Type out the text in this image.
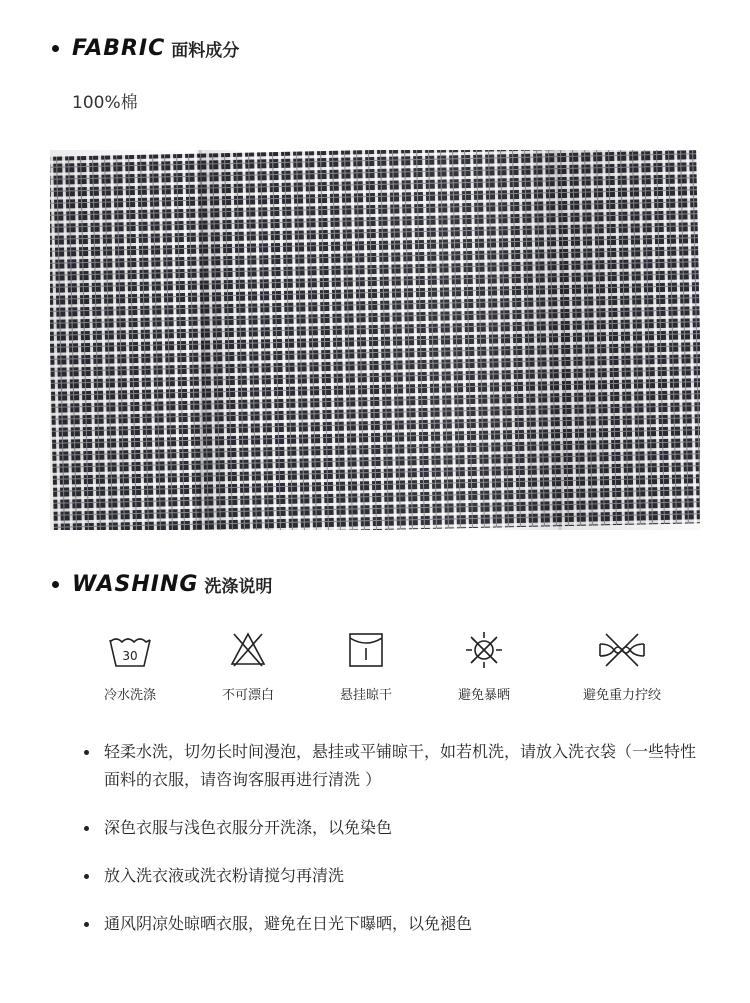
FABRIC 面料成分
100%棉
WASHING 洗涤说明
30
冷水洗涤	不可漂白	悬挂晾干	避免暴晒	避免重力拧绞
轻柔水洗，切勿长时间漫泡，悬挂或平铺晾干，如若机洗，请放入洗衣袋（一些特性面料的衣服，请咨询客服再进行清洗 ）
深色衣服与浅色衣服分开洗涤，以免染色
放入洗衣液或洗衣粉请搅匀再清洗
通风阴凉处晾晒衣服，避免在日光下曝晒，以免褪色
